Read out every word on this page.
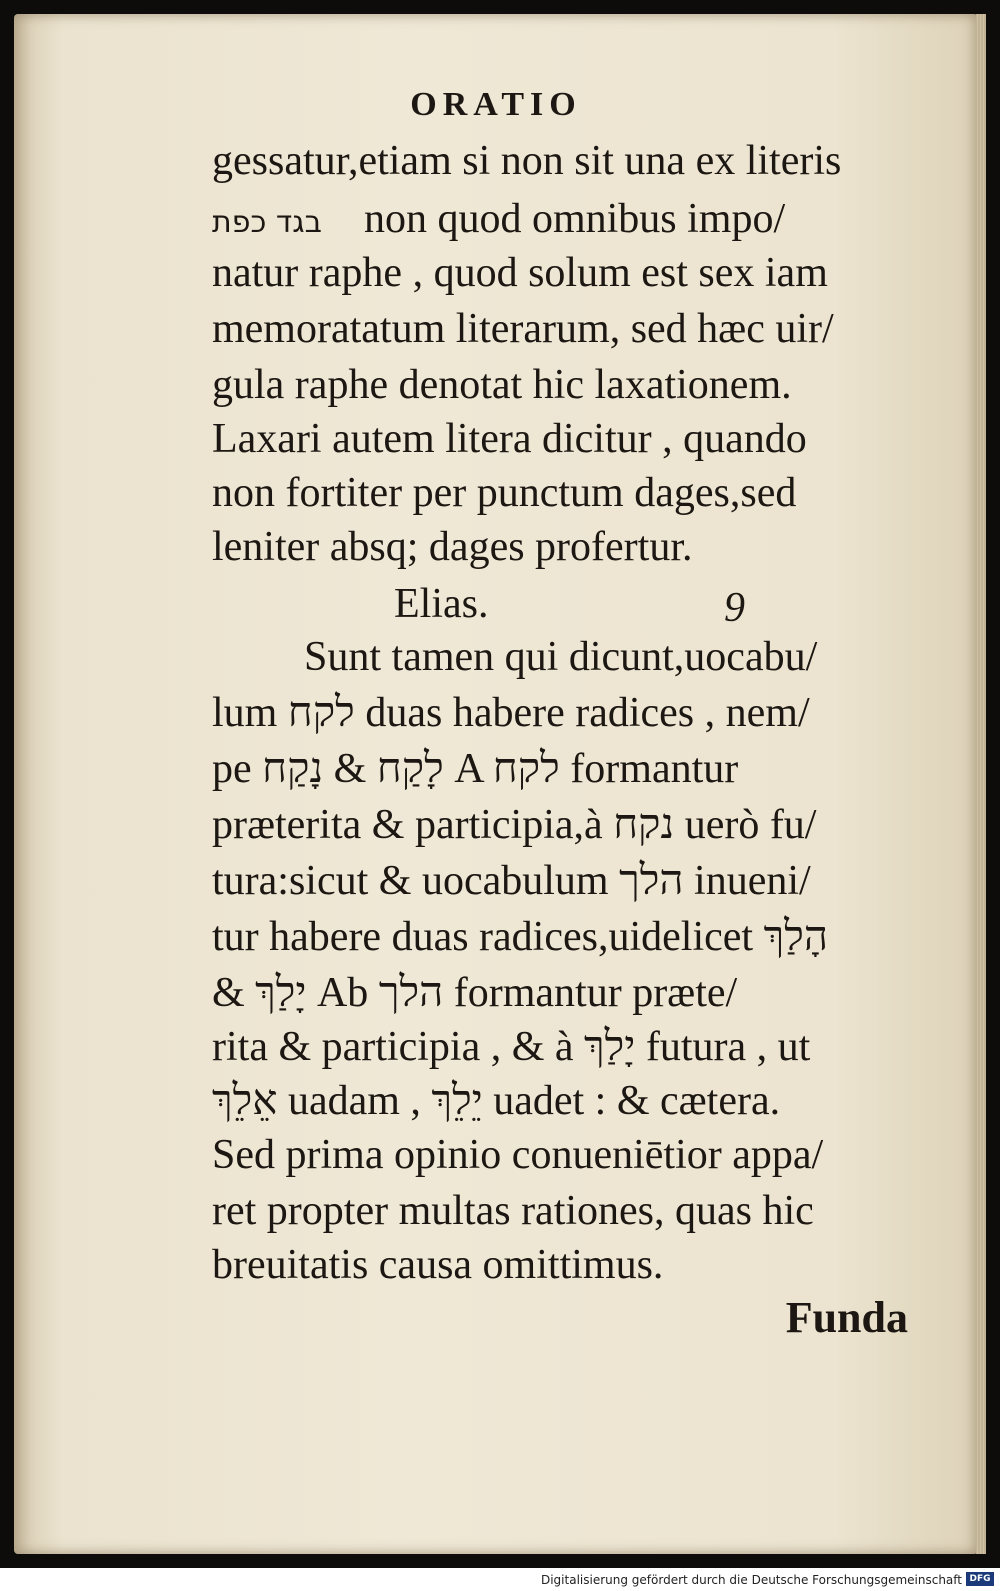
ORATIO
gessatur,etiam si non sit una ex literis
בגד כפת non quod omnibus impo/
natur raphe , quod solum est sex iam
memoratatum literarum, sed hæc uir/
gula raphe denotat hic laxationem.
Laxari autem litera dicitur , quando
non fortiter per punctum dages,sed
leniter absq; dages profertur.
Elias.	9
Sunt tamen qui dicunt,uocabu/
lum לקח duas habere radices , nem/
pe לָקַח & נָקַח A לקח formantur
præterita & participia,à נקח uerò fu/
tura:sicut & uocabulum הלך inueni/
tur habere duas radices,uidelicet הָלַךְ
& יָלַךְ Ab הלך formantur præte/
rita & participia , & à יָלַךְ futura , ut
אֵלֵךְ uadam , יֵלֵךְ uadet : & cætera.
Sed prima opinio conueniētior appa/
ret propter multas rationes, quas hic
breuitatis causa omittimus.
Funda
Digitalisierung gefördert durch die Deutsche Forschungsgemeinschaft DFG
